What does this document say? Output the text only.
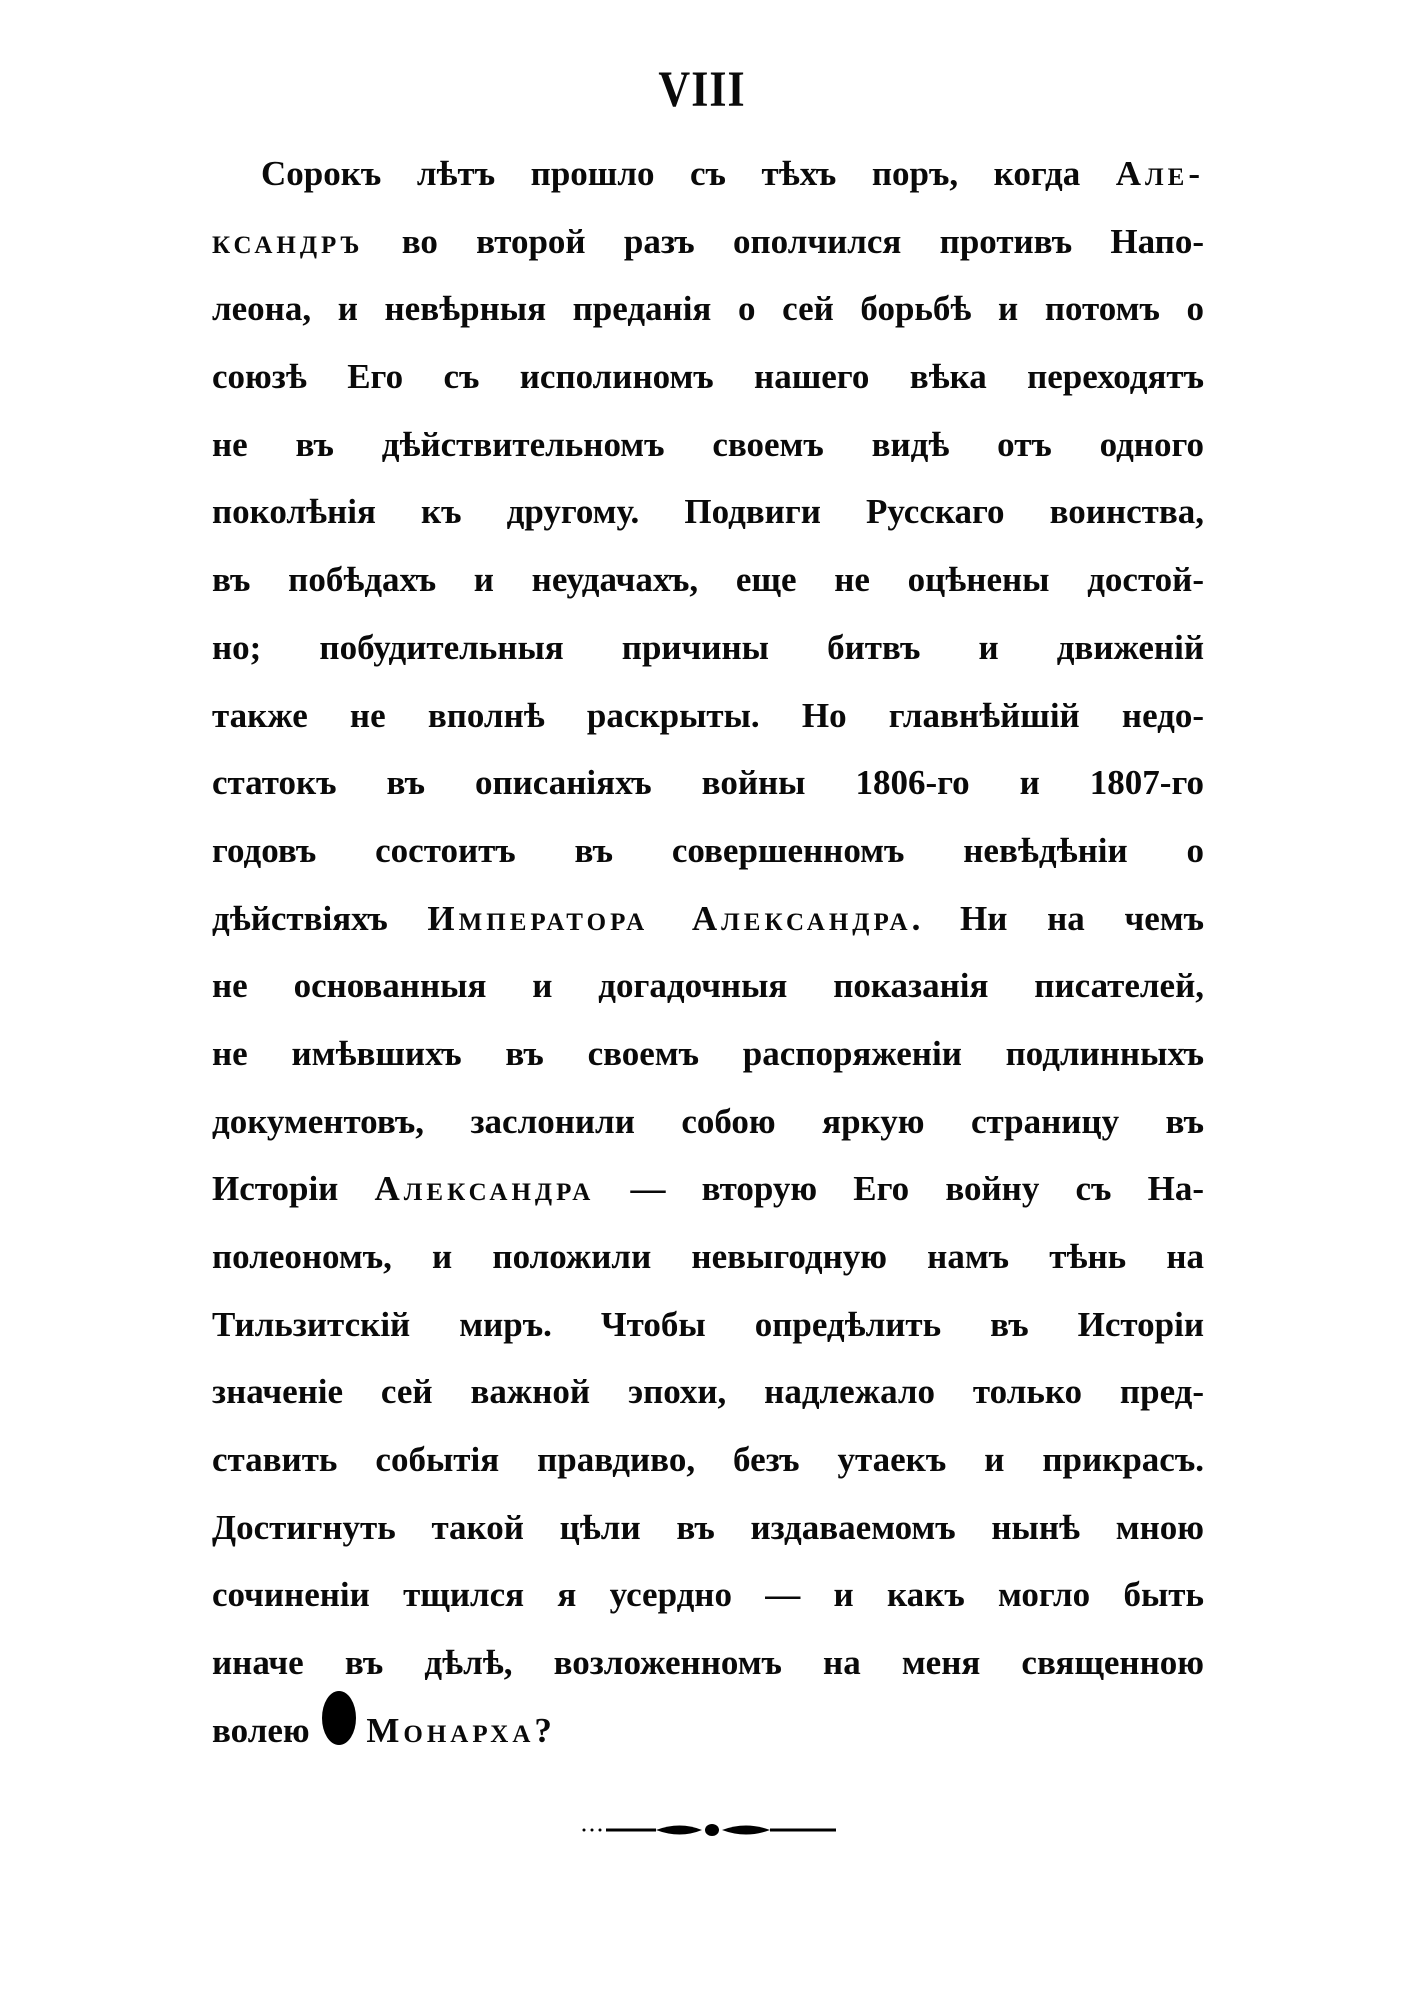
VIII
Сорокъ лѣтъ прошло съ тѣхъ поръ, когда Але-
ксандръ во второй разъ ополчился противъ Напо-
леона, и невѣрныя преданія о сей борьбѣ и потомъ о
союзѣ Его съ исполиномъ нашего вѣка переходятъ
не въ дѣйствительномъ своемъ видѣ отъ одного
поколѣнія къ другому. Подвиги Русскаго воинства,
въ побѣдахъ и неудачахъ, еще не оцѣнены достой-
но; побудительныя причины битвъ и движеній
также не вполнѣ раскрыты. Но главнѣйшій недо-
статокъ въ описаніяхъ войны 1806-го и 1807-го
годовъ состоитъ въ совершенномъ невѣдѣніи о
дѣйствіяхъ Императора Александра. Ни на чемъ
не основанныя и догадочныя показанія писателей,
не имѣвшихъ въ своемъ распоряженіи подлинныхъ
документовъ, заслонили собою яркую страницу въ
Исторіи Александра — вторую Его войну съ На-
полеономъ, и положили невыгодную намъ тѣнь на
Тильзитскій миръ. Чтобы опредѣлить въ Исторіи
значеніе сей важной эпохи, надлежало только пред-
ставить событія правдиво, безъ утаекъ и прикрасъ.
Достигнуть такой цѣли въ издаваемомъ нынѣ мною
сочиненіи тщился я усердно — и какъ могло быть
иначе въ дѣлѣ, возложенномъ на меня священною
волею Монарха?
